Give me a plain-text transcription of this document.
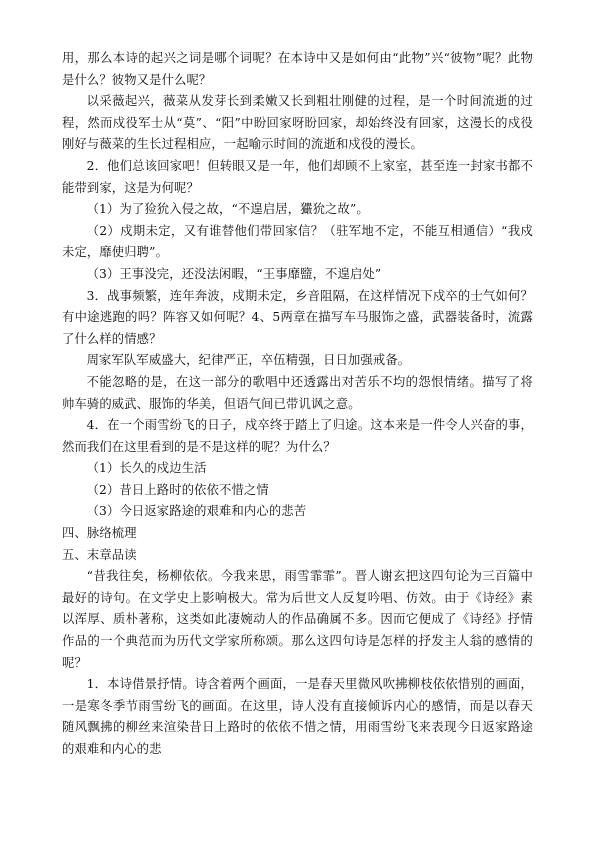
用，那么本诗的起兴之词是哪个词呢？在本诗中又是如何由“此物”兴“彼物”呢？此物是什么？彼物又是什么呢？

以采薇起兴，薇菜从发芽长到柔嫩又长到粗壮刚健的过程，是一个时间流逝的过程，然而戍役军士从“莫”、“阳”中盼回家呀盼回家，却始终没有回家，这漫长的戍役刚好与薇菜的生长过程相应，一起喻示时间的流逝和戍役的漫长。

2．他们总该回家吧！但转眼又是一年，他们却顾不上家室，甚至连一封家书都不能带到家，这是为何呢？

（1）为了猃狁入侵之故，“不遑启居，玁狁之故”。

（2）戍期未定，又有谁替他们带回家信？（驻军地不定，不能互相通信）“我戍未定，靡使归聘”。

（3）王事没完，还没法闲暇，“王事靡盬，不遑启处”

3．战事频繁，连年奔波，戍期未定，乡音阻隔，在这样情况下戍卒的士气如何？有中途逃跑的吗？阵容又如何呢？4、5两章在描写车马服饰之盛，武器装备时，流露了什么样的情感？

周家军队军威盛大，纪律严正，卒伍精强，日日加强戒备。

不能忽略的是，在这一部分的歌唱中还透露出对苦乐不均的怨恨情绪。描写了将帅车骑的威武、服饰的华美，但语气间已带讥讽之意。

4．在一个雨雪纷飞的日子，戍卒终于踏上了归途。这本来是一件令人兴奋的事，然而我们在这里看到的是不是这样的呢？为什么？

（1）长久的戍边生活

（2）昔日上路时的依依不惜之情

（3）今日返家路途的艰难和内心的悲苦

四、脉络梳理

五、末章品读

“昔我往矣，杨柳依依。今我来思，雨雪霏霏”。晋人谢玄把这四句论为三百篇中最好的诗句。在文学史上影响极大。常为后世文人反复吟唱、仿效。由于《诗经》素以浑厚、质朴著称，这类如此凄婉动人的作品确属不多。因而它便成了《诗经》抒情作品的一个典范而为历代文学家所称颂。那么这四句诗是怎样的抒发主人翁的感情的呢？

1．本诗借景抒情。诗含着两个画面，一是春天里微风吹拂柳枝依依惜别的画面，一是寒冬季节雨雪纷飞的画面。在这里，诗人没有直接倾诉内心的感情，而是以春天随风飘拂的柳丝来渲染昔日上路时的依依不惜之情，用雨雪纷飞来表现今日返家路途的艰难和内心的悲
